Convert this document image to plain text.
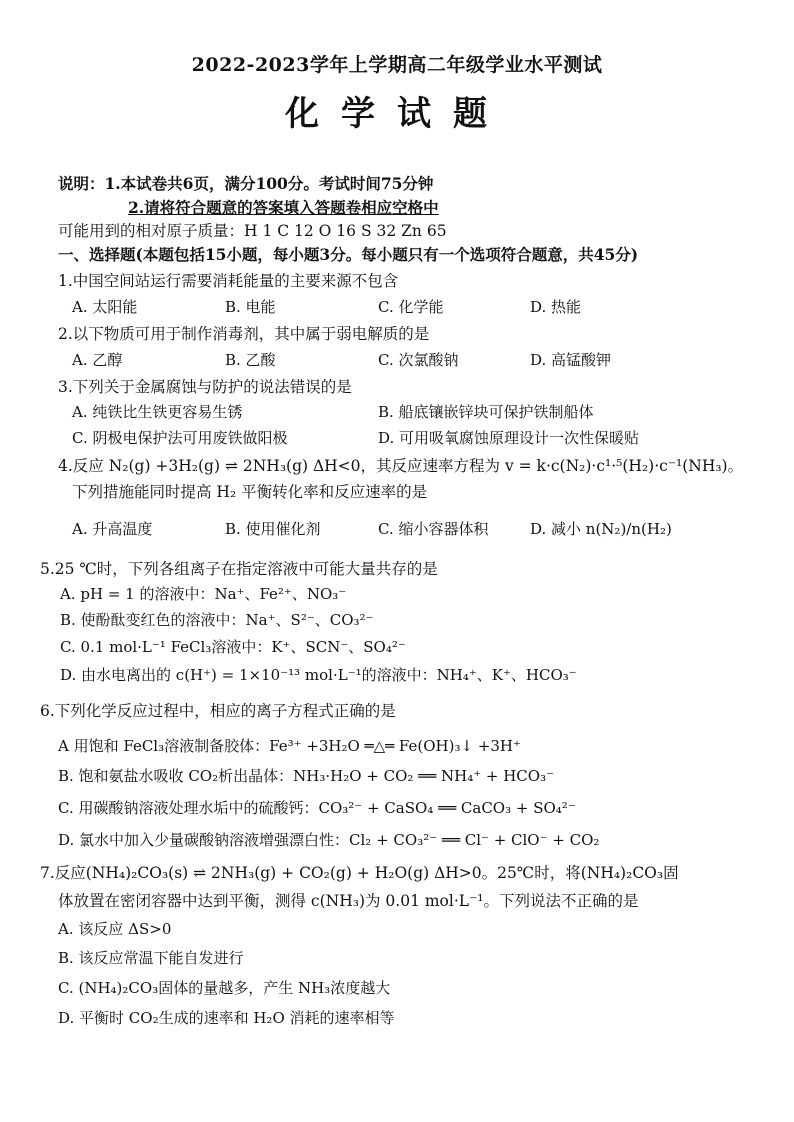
2022-2023学年上学期高二年级学业水平测试
化学试题
说明：1.本试卷共6页，满分100分。考试时间75分钟
2.请将符合题意的答案填入答题卷相应空格中
可能用到的相对原子质量：H 1 C 12 O 16 S 32 Zn 65
一、选择题(本题包括15小题，每小题3分。每小题只有一个选项符合题意，共45分)
1.中国空间站运行需要消耗能量的主要来源不包含
A. 太阳能	B. 电能	C. 化学能	D. 热能
2.以下物质可用于制作消毒剂，其中属于弱电解质的是
A. 乙醇	B. 乙酸	C. 次氯酸钠	D. 高锰酸钾
3.下列关于金属腐蚀与防护的说法错误的是
A. 纯铁比生铁更容易生锈	B. 船底镶嵌锌块可保护铁制船体
C. 阴极电保护法可用废铁做阳极	D. 可用吸氧腐蚀原理设计一次性保暖贴
4.反应 N₂(g) +3H₂(g) ⇌ 2NH₃(g) ΔH<0，其反应速率方程为 v = k·c(N₂)·c¹·⁵(H₂)·c⁻¹(NH₃)。
下列措施能同时提高 H₂ 平衡转化率和反应速率的是
A. 升高温度	B. 使用催化剂	C. 缩小容器体积	D. 减小 n(N₂)/n(H₂)
5.25 ℃时，下列各组离子在指定溶液中可能大量共存的是
A. pH = 1 的溶液中：Na⁺、Fe²⁺、NO₃⁻
B. 使酚酞变红色的溶液中：Na⁺、S²⁻、CO₃²⁻
C. 0.1 mol·L⁻¹ FeCl₃溶液中：K⁺、SCN⁻、SO₄²⁻
D. 由水电离出的 c(H⁺) = 1×10⁻¹³ mol·L⁻¹的溶液中：NH₄⁺、K⁺、HCO₃⁻
6.下列化学反应过程中，相应的离子方程式正确的是
A 用饱和 FeCl₃溶液制备胶体：Fe³⁺ +3H₂O ═△═ Fe(OH)₃↓ +3H⁺
B. 饱和氨盐水吸收 CO₂析出晶体：NH₃·H₂O + CO₂ ══ NH₄⁺ + HCO₃⁻
C. 用碳酸钠溶液处理水垢中的硫酸钙：CO₃²⁻ + CaSO₄ ══ CaCO₃ + SO₄²⁻
D. 氯水中加入少量碳酸钠溶液增强漂白性：Cl₂ + CO₃²⁻ ══ Cl⁻ + ClO⁻ + CO₂
7.反应(NH₄)₂CO₃(s) ⇌ 2NH₃(g) + CO₂(g) + H₂O(g) ΔH>0。25℃时，将(NH₄)₂CO₃固
体放置在密闭容器中达到平衡，测得 c(NH₃)为 0.01 mol·L⁻¹。下列说法不正确的是
A. 该反应 ΔS>0
B. 该反应常温下能自发进行
C. (NH₄)₂CO₃固体的量越多，产生 NH₃浓度越大
D. 平衡时 CO₂生成的速率和 H₂O 消耗的速率相等
